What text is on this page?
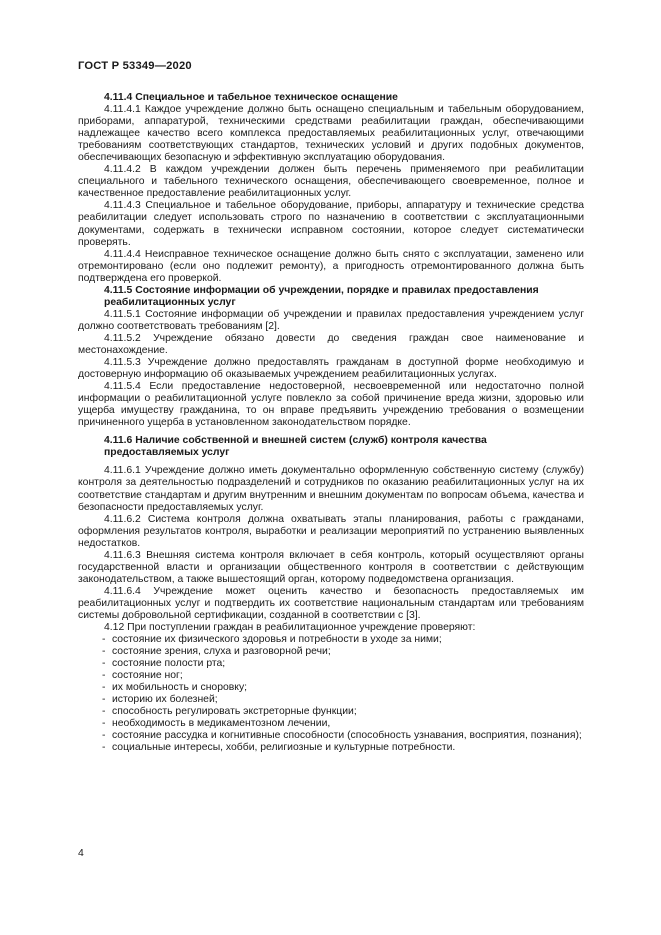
ГОСТ Р 53349—2020
4.11.4 Специальное и табельное техническое оснащение

4.11.4.1 Каждое учреждение должно быть оснащено специальным и табельным оборудованием, приборами, аппаратурой, техническими средствами реабилитации граждан, обеспечивающими надлежащее качество всего комплекса предоставляемых реабилитационных услуг, отвечающими требованиям соответствующих стандартов, технических условий и других подобных документов, обеспечивающих безопасную и эффективную эксплуатацию оборудования.

4.11.4.2 В каждом учреждении должен быть перечень применяемого при реабилитации специального и табельного технического оснащения, обеспечивающего своевременное, полное и качественное предоставление реабилитационных услуг.

4.11.4.3 Специальное и табельное оборудование, приборы, аппаратуру и технические средства реабилитации следует использовать строго по назначению в соответствии с эксплуатационными документами, содержать в технически исправном состоянии, которое следует систематически проверять.

4.11.4.4 Неисправное техническое оснащение должно быть снято с эксплуатации, заменено или отремонтировано (если оно подлежит ремонту), а пригодность отремонтированного должна быть подтверждена его проверкой.

4.11.5 Состояние информации об учреждении, порядке и правилах предоставления реабилитационных услуг

4.11.5.1 Состояние информации об учреждении и правилах предоставления учреждением услуг должно соответствовать требованиям [2].

4.11.5.2 Учреждение обязано довести до сведения граждан свое наименование и местонахождение.

4.11.5.3 Учреждение должно предоставлять гражданам в доступной форме необходимую и достоверную информацию об оказываемых учреждением реабилитационных услугах.

4.11.5.4 Если предоставление недостоверной, несвоевременной или недостаточно полной информации о реабилитационной услуге повлекло за собой причинение вреда жизни, здоровью или ущерба имуществу гражданина, то он вправе предъявить учреждению требования о возмещении причиненного ущерба в установленном законодательством порядке.

4.11.6 Наличие собственной и внешней систем (служб) контроля качества предоставляемых услуг

4.11.6.1 Учреждение должно иметь документально оформленную собственную систему (службу) контроля за деятельностью подразделений и сотрудников по оказанию реабилитационных услуг на их соответствие стандартам и другим внутренним и внешним документам по вопросам объема, качества и безопасности предоставляемых услуг.

4.11.6.2 Система контроля должна охватывать этапы планирования, работы с гражданами, оформления результатов контроля, выработки и реализации мероприятий по устранению выявленных недостатков.

4.11.6.3 Внешняя система контроля включает в себя контроль, который осуществляют органы государственной власти и организации общественного контроля в соответствии с действующим законодательством, а также вышестоящий орган, которому подведомствена организация.

4.11.6.4 Учреждение может оценить качество и безопасность предоставляемых им реабилитационных услуг и подтвердить их соответствие национальным стандартам или требованиям системы добровольной сертификации, созданной в соответствии с [3].

4.12 При поступлении граждан в реабилитационное учреждение проверяют:

- состояние их физического здоровья и потребности в уходе за ними;
- состояние зрения, слуха и разговорной речи;
- состояние полости рта;
- состояние ног;
- их мобильность и сноровку;
- историю их болезней;
- способность регулировать экстреторные функции;
- необходимость в медикаментозном лечении,
- состояние рассудка и когнитивные способности (способность узнавания, восприятия, познания);
- социальные интересы, хобби, религиозные и культурные потребности.
4
